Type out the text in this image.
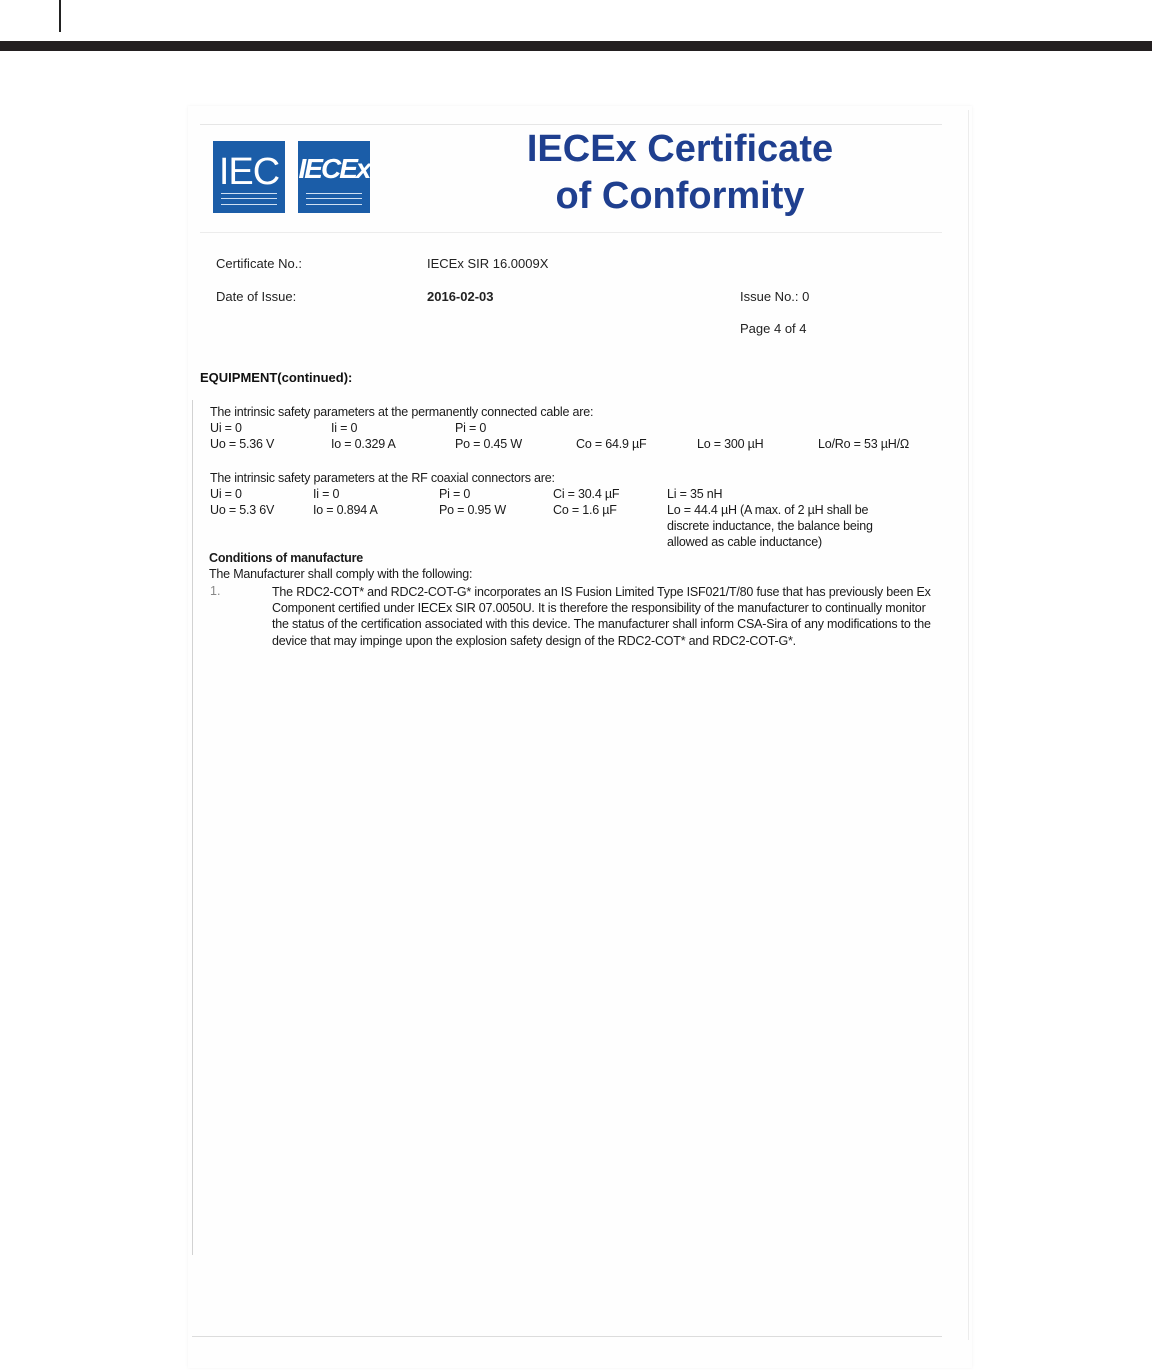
IEC IECEx	IECEx Certificate
of Conformity
Certificate No.:	IECEx SIR 16.0009X
Date of Issue:	2016-02-03	Issue No.: 0
Page 4 of 4
EQUIPMENT(continued):
The intrinsic safety parameters at the permanently connected cable are:
Ui = 0	Ii = 0	Pi = 0
Uo = 5.36 V	Io = 0.329 A	Po = 0.45 W	Co = 64.9 µF	Lo = 300 µH	Lo/Ro = 53 µH/Ω
The intrinsic safety parameters at the RF coaxial connectors are:
Ui = 0	Ii = 0	Pi = 0	Ci = 30.4 µF	Li = 35 nH
Uo = 5.3 6V	Io = 0.894 A	Po = 0.95 W	Co = 1.6 µF	Lo = 44.4 µH (A max. of 2 µH shall be
discrete inductance, the balance being
allowed as cable inductance)
Conditions of manufacture
The Manufacturer shall comply with the following:
1.	The RDC2-COT* and RDC2-COT-G* incorporates an IS Fusion Limited Type ISF021/T/80 fuse that has previously been Ex Component certified under IECEx SIR 07.0050U. It is therefore the responsibility of the manufacturer to continually monitor the status of the certification associated with this device. The manufacturer shall inform CSA-Sira of any modifications to the device that may impinge upon the explosion safety design of the RDC2-COT* and RDC2-COT-G*.
